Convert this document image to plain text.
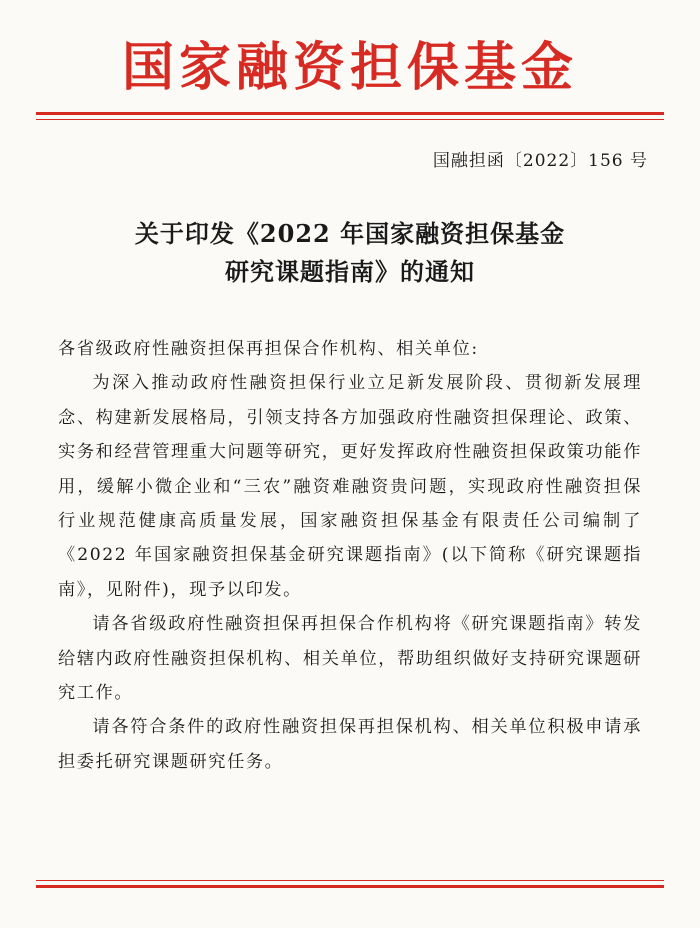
国家融资担保基金
国融担函〔2022〕156 号
关于印发《2022 年国家融资担保基金
研究课题指南》的通知

各省级政府性融资担保再担保合作机构、相关单位:

为深入推动政府性融资担保行业立足新发展阶段、贯彻新发展理念、构建新发展格局，引领支持各方加强政府性融资担保理论、政策、实务和经营管理重大问题等研究，更好发挥政府性融资担保政策功能作用，缓解小微企业和“三农”融资难融资贵问题，实现政府性融资担保行业规范健康高质量发展，国家融资担保基金有限责任公司编制了《2022 年国家融资担保基金研究课题指南》(以下简称《研究课题指南》，见附件)，现予以印发。

请各省级政府性融资担保再担保合作机构将《研究课题指南》转发给辖内政府性融资担保机构、相关单位，帮助组织做好支持研究课题研究工作。

请各符合条件的政府性融资担保再担保机构、相关单位积极申请承担委托研究课题研究任务。
